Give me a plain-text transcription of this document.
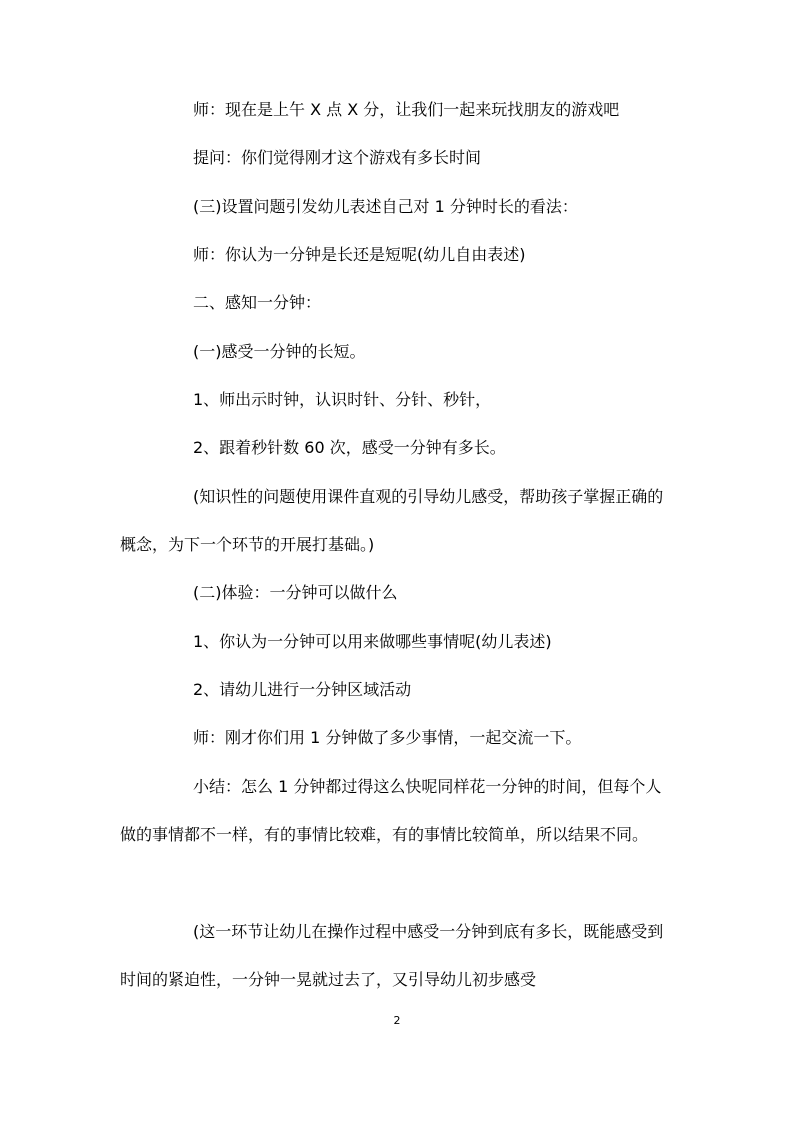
师：现在是上午 X 点 X 分，让我们一起来玩找朋友的游戏吧

提问：你们觉得刚才这个游戏有多长时间

(三)设置问题引发幼儿表述自己对 1 分钟时长的看法：

师：你认为一分钟是长还是短呢(幼儿自由表述)

二、感知一分钟：

(一)感受一分钟的长短。

1、师出示时钟，认识时针、分针、秒针，

2、跟着秒针数 60 次，感受一分钟有多长。

(知识性的问题使用课件直观的引导幼儿感受，帮助孩子掌握正确的概念，为下一个环节的开展打基础。)

(二)体验：一分钟可以做什么

1、你认为一分钟可以用来做哪些事情呢(幼儿表述)

2、请幼儿进行一分钟区域活动

师：刚才你们用 1 分钟做了多少事情，一起交流一下。

小结：怎么 1 分钟都过得这么快呢同样花一分钟的时间，但每个人做的事情都不一样，有的事情比较难，有的事情比较简单，所以结果不同。

(这一环节让幼儿在操作过程中感受一分钟到底有多长，既能感受到时间的紧迫性，一分钟一晃就过去了，又引导幼儿初步感受

2
